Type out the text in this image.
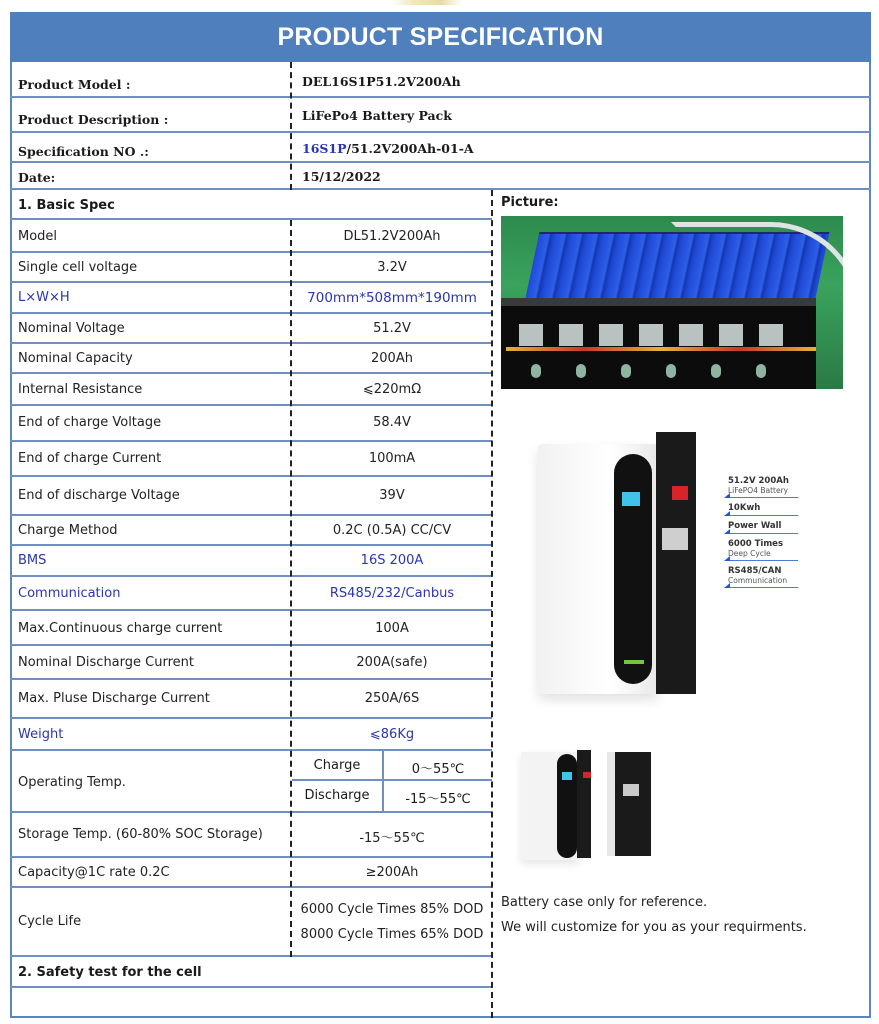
PRODUCT SPECIFICATION
Product Model :	DEL16S1P51.2V200Ah
Product Description :	LiFePo4 Battery Pack
Specification NO .:	16S1P/51.2V200Ah-01-A
Date:	15/12/2022
1. Basic Spec
Model	DL51.2V200Ah
Single cell voltage	3.2V
L×W×H	700mm*508mm*190mm
Nominal Voltage	51.2V
Nominal Capacity	200Ah
Internal Resistance	⩽220mΩ
End of charge Voltage	58.4V
End of charge Current	100mA
End of discharge Voltage	39V
Charge Method	0.2C (0.5A) CC/CV
BMS	16S 200A
Communication	RS485/232/Canbus
Max.Continuous charge current	100A
Nominal Discharge Current	200A(safe)
Max. Pluse Discharge Current	250A/6S
Weight	⩽86Kg
Operating Temp.
Charge	0～55℃
Discharge	-15～55℃
Storage Temp. (60-80% SOC Storage)	-15～55℃
Capacity@1C rate 0.2C	≥200Ah
Cycle Life
6000 Cycle Times 85% DOD
8000 Cycle Times 65% DOD
2. Safety test for the cell
Picture:
51.2V 200Ah
LiFePO4 Battery
10Kwh
Power Wall
6000 Times
Deep Cycle
RS485/CAN
Communication
Battery case only for reference.
We will customize for you as your requirments.
